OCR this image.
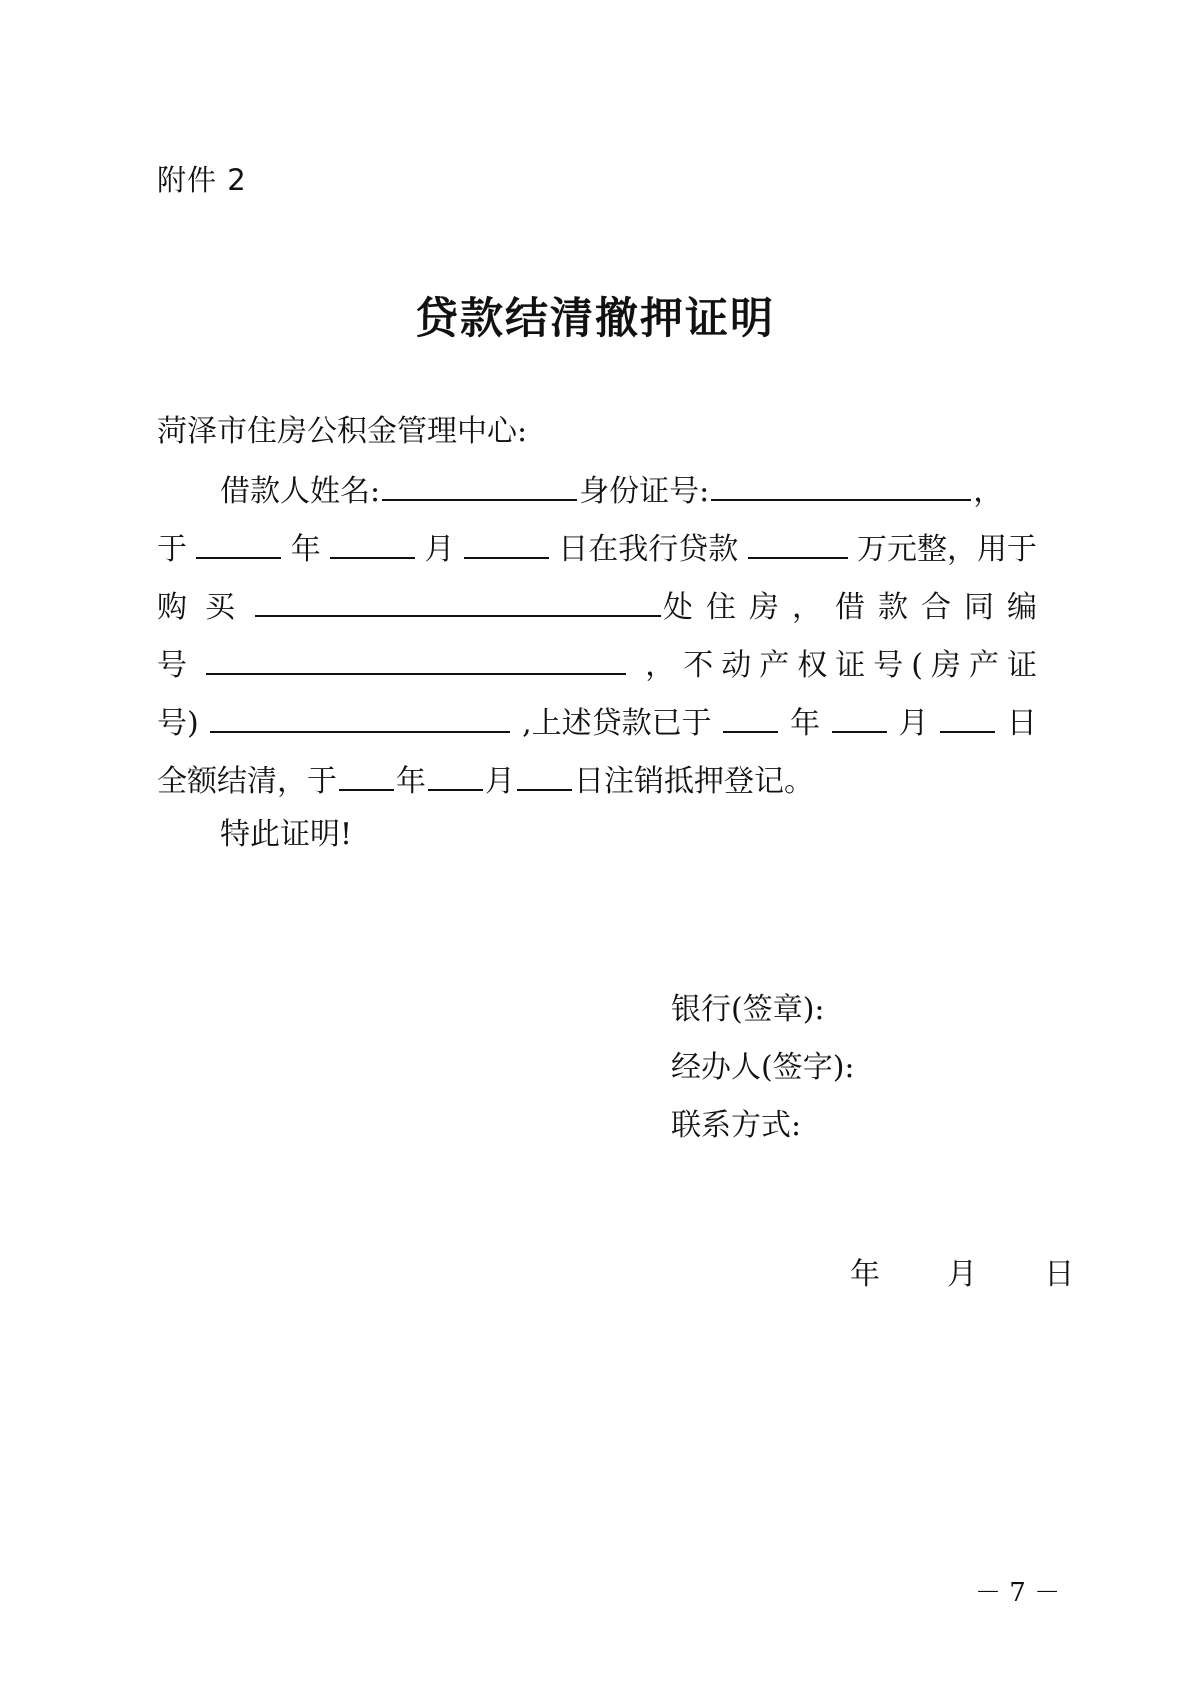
附件 2
贷款结清撤押证明
菏泽市住房公积金管理中心:
借款人姓名:	身份证号:	，
于	年	月	日在我行贷款	万元整，用于
购买	处住房，借款合同编
号	，不动产权证号(房产证
号)	,上述贷款已于	年	月	日
全额结清，于 年 月 日注销抵押登记。
特此证明!
银行(签章):
经办人(签字):
联系方式:
年 月 日
－ 7 －
